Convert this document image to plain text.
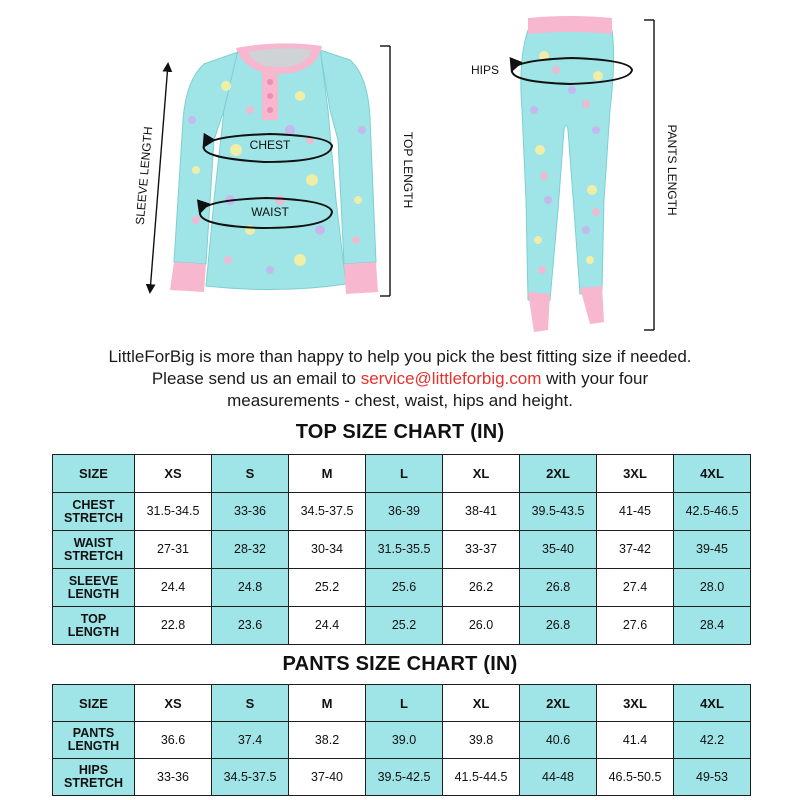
SLEEVE LENGTH	CHEST
WAIST
TOP LENGTH
HIPS
PANTS LENGTH
LittleForBig is more than happy to help you pick the best fitting size if needed.
Please send us an email to service@littleforbig.com with your four
measurements - chest, waist, hips and height.
TOP SIZE CHART (IN)
SIZE	XS	S	M	L	XL	2XL	3XL	4XL

CHEST
STRETCH	31.5-34.5	33-36	34.5-37.5	36-39	38-41	39.5-43.5	41-45	42.5-46.5

WAIST
STRETCH	27-31	28-32	30-34	31.5-35.5	33-37	35-40	37-42	39-45

SLEEVE
LENGTH	24.4	24.8	25.2	25.6	26.2	26.8	27.4	28.0

TOP
LENGTH	22.8	23.6	24.4	25.2	26.0	26.8	27.6	28.4
PANTS SIZE CHART (IN)
SIZE	XS	S	M	L	XL	2XL	3XL	4XL

PANTS
LENGTH	36.6	37.4	38.2	39.0	39.8	40.6	41.4	42.2

HIPS
STRETCH	33-36	34.5-37.5	37-40	39.5-42.5	41.5-44.5	44-48	46.5-50.5	49-53
